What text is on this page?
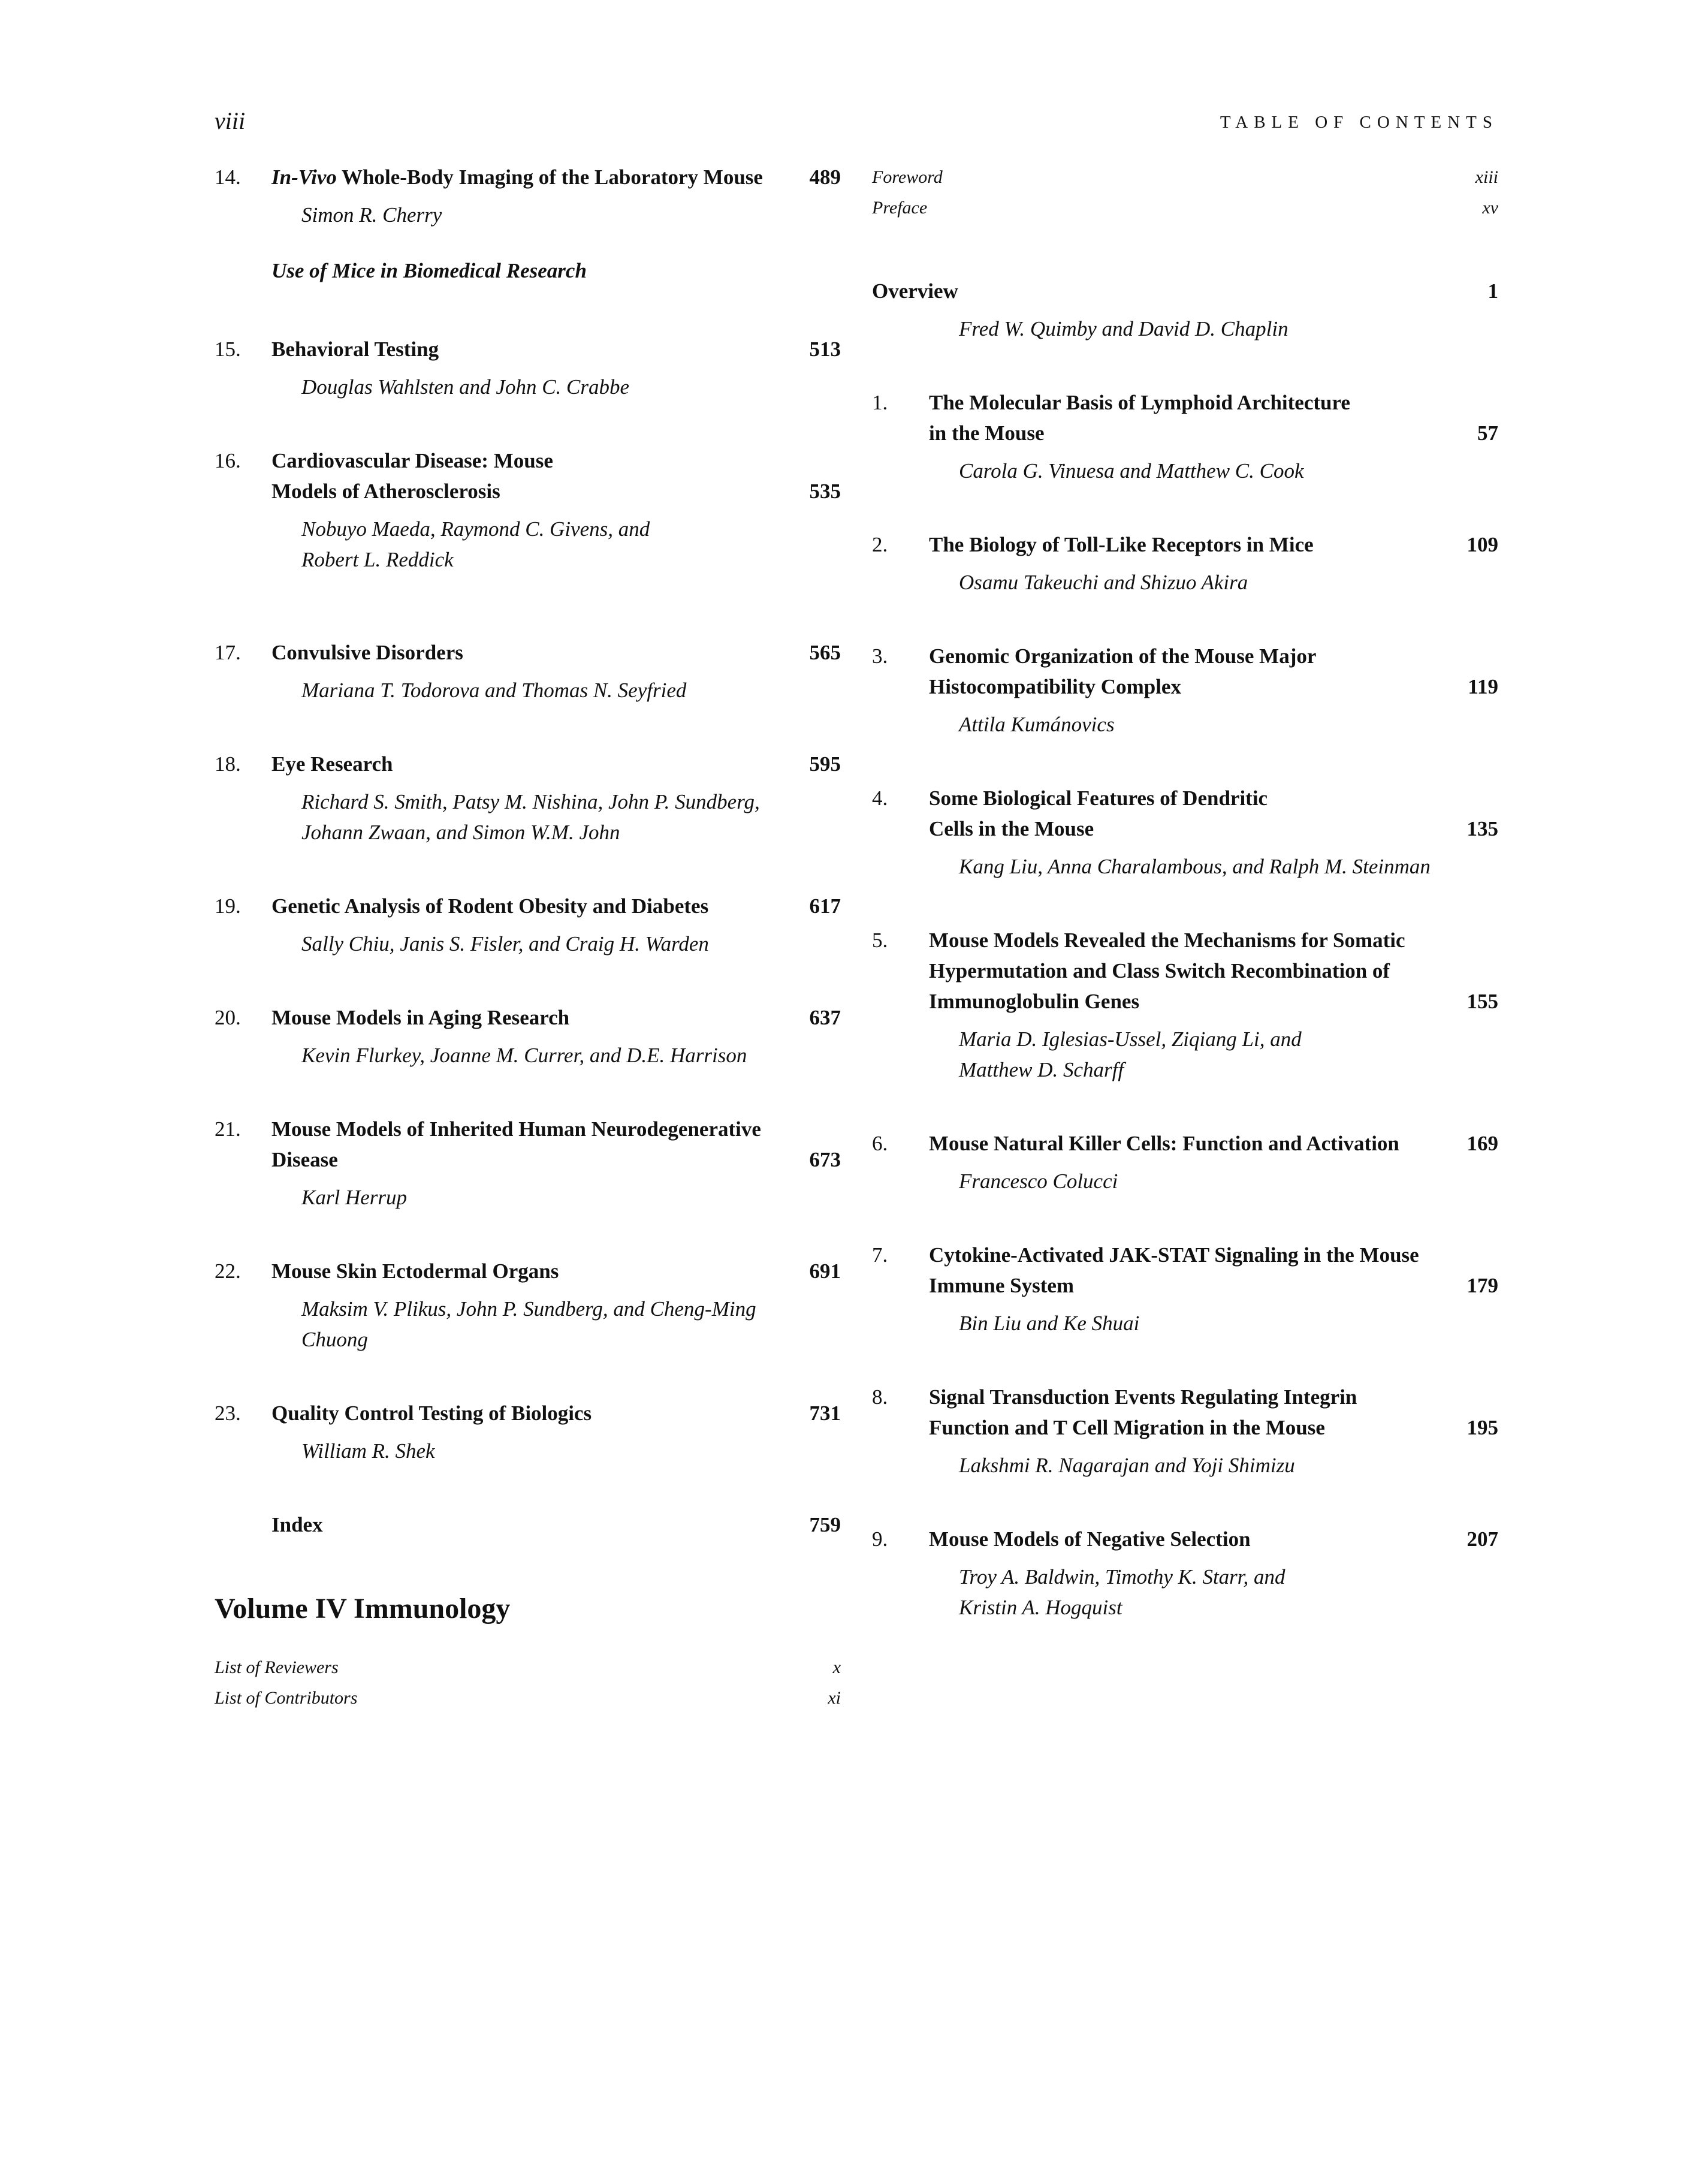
viii	TABLE OF CONTENTS
14. In-Vivo Whole-Body Imaging of the Laboratory Mouse	489
Simon R. Cherry
Use of Mice in Biomedical Research
15. Behavioral Testing	513
Douglas Wahlsten and John C. Crabbe
16. Cardiovascular Disease: Mouse
Models of Atherosclerosis	535
Nobuyo Maeda, Raymond C. Givens, and
Robert L. Reddick
17. Convulsive Disorders	565
Mariana T. Todorova and Thomas N. Seyfried
18. Eye Research	595
Richard S. Smith, Patsy M. Nishina, John P. Sundberg,
Johann Zwaan, and Simon W.M. John
19. Genetic Analysis of Rodent Obesity and Diabetes	617
Sally Chiu, Janis S. Fisler, and Craig H. Warden
20. Mouse Models in Aging Research	637
Kevin Flurkey, Joanne M. Currer, and D.E. Harrison
21. Mouse Models of Inherited Human Neurodegenerative
Disease	673
Karl Herrup
22. Mouse Skin Ectodermal Organs	691
Maksim V. Plikus, John P. Sundberg, and Cheng-Ming
Chuong
23. Quality Control Testing of Biologics	731
William R. Shek
Index	759
Volume IV Immunology
List of Reviewers	x
List of Contributors	xi
Foreword	xiii
Preface	xv
Overview	1
Fred W. Quimby and David D. Chaplin
1. The Molecular Basis of Lymphoid Architecture
in the Mouse	57
Carola G. Vinuesa and Matthew C. Cook
2. The Biology of Toll-Like Receptors in Mice	109
Osamu Takeuchi and Shizuo Akira
3. Genomic Organization of the Mouse Major
Histocompatibility Complex	119
Attila Kumánovics
4. Some Biological Features of Dendritic
Cells in the Mouse	135
Kang Liu, Anna Charalambous, and Ralph M. Steinman
5. Mouse Models Revealed the Mechanisms for Somatic
Hypermutation and Class Switch Recombination of
Immunoglobulin Genes	155
Maria D. Iglesias-Ussel, Ziqiang Li, and
Matthew D. Scharff
6. Mouse Natural Killer Cells: Function and Activation	169
Francesco Colucci
7. Cytokine-Activated JAK-STAT Signaling in the Mouse
Immune System	179
Bin Liu and Ke Shuai
8. Signal Transduction Events Regulating Integrin
Function and T Cell Migration in the Mouse	195
Lakshmi R. Nagarajan and Yoji Shimizu
9. Mouse Models of Negative Selection	207
Troy A. Baldwin, Timothy K. Starr, and
Kristin A. Hogquist
